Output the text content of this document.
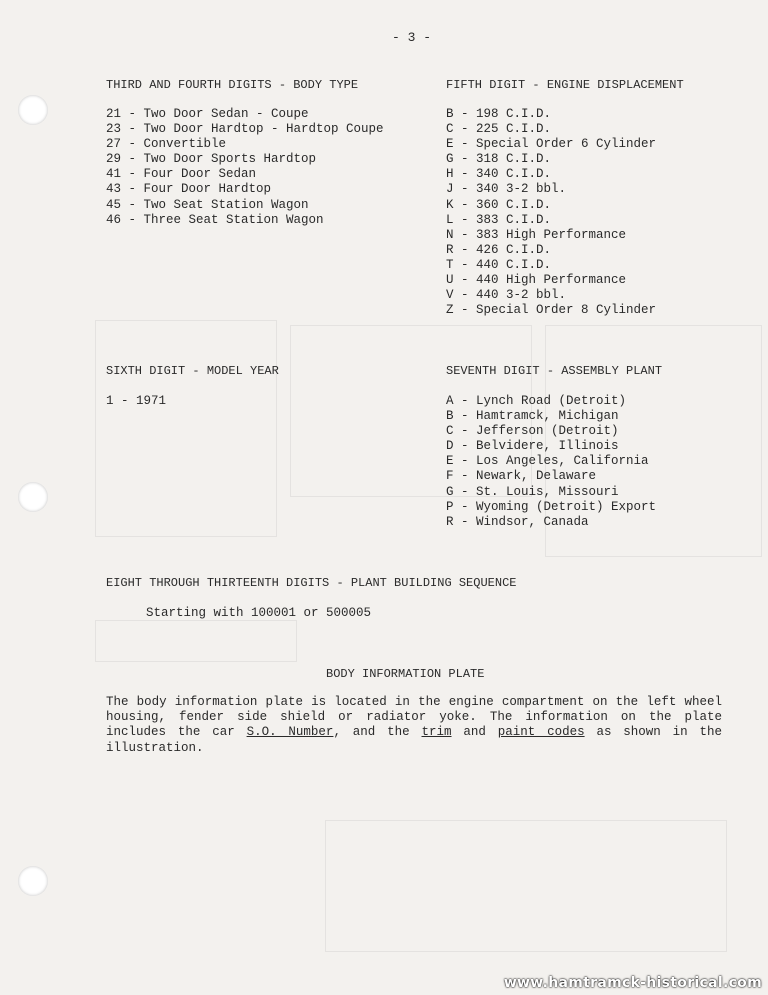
- 3 -
THIRD AND FOURTH DIGITS - BODY TYPE
21 - Two Door Sedan - Coupe
23 - Two Door Hardtop - Hardtop Coupe
27 - Convertible
29 - Two Door Sports Hardtop
41 - Four Door Sedan
43 - Four Door Hardtop
45 - Two Seat Station Wagon
46 - Three Seat Station Wagon
FIFTH DIGIT - ENGINE DISPLACEMENT
B - 198 C.I.D.
C - 225 C.I.D.
E - Special Order 6 Cylinder
G - 318 C.I.D.
H - 340 C.I.D.
J - 340 3-2 bbl.
K - 360 C.I.D.
L - 383 C.I.D.
N - 383 High Performance
R - 426 C.I.D.
T - 440 C.I.D.
U - 440 High Performance
V - 440 3-2 bbl.
Z - Special Order 8 Cylinder
SIXTH DIGIT - MODEL YEAR
1 - 1971
SEVENTH DIGIT - ASSEMBLY PLANT
A - Lynch Road (Detroit)
B - Hamtramck, Michigan
C - Jefferson (Detroit)
D - Belvidere, Illinois
E - Los Angeles, California
F - Newark, Delaware
G - St. Louis, Missouri
P - Wyoming (Detroit) Export
R - Windsor, Canada
EIGHT THROUGH THIRTEENTH DIGITS - PLANT BUILDING SEQUENCE
Starting with 100001 or 500005
BODY INFORMATION PLATE
The body information plate is located in the engine compartment on the left wheel housing, fender side shield or radiator yoke. The information on the plate includes the car S.O. Number, and the trim and paint codes as shown in the illustration.
www.hamtramck-historical.com
